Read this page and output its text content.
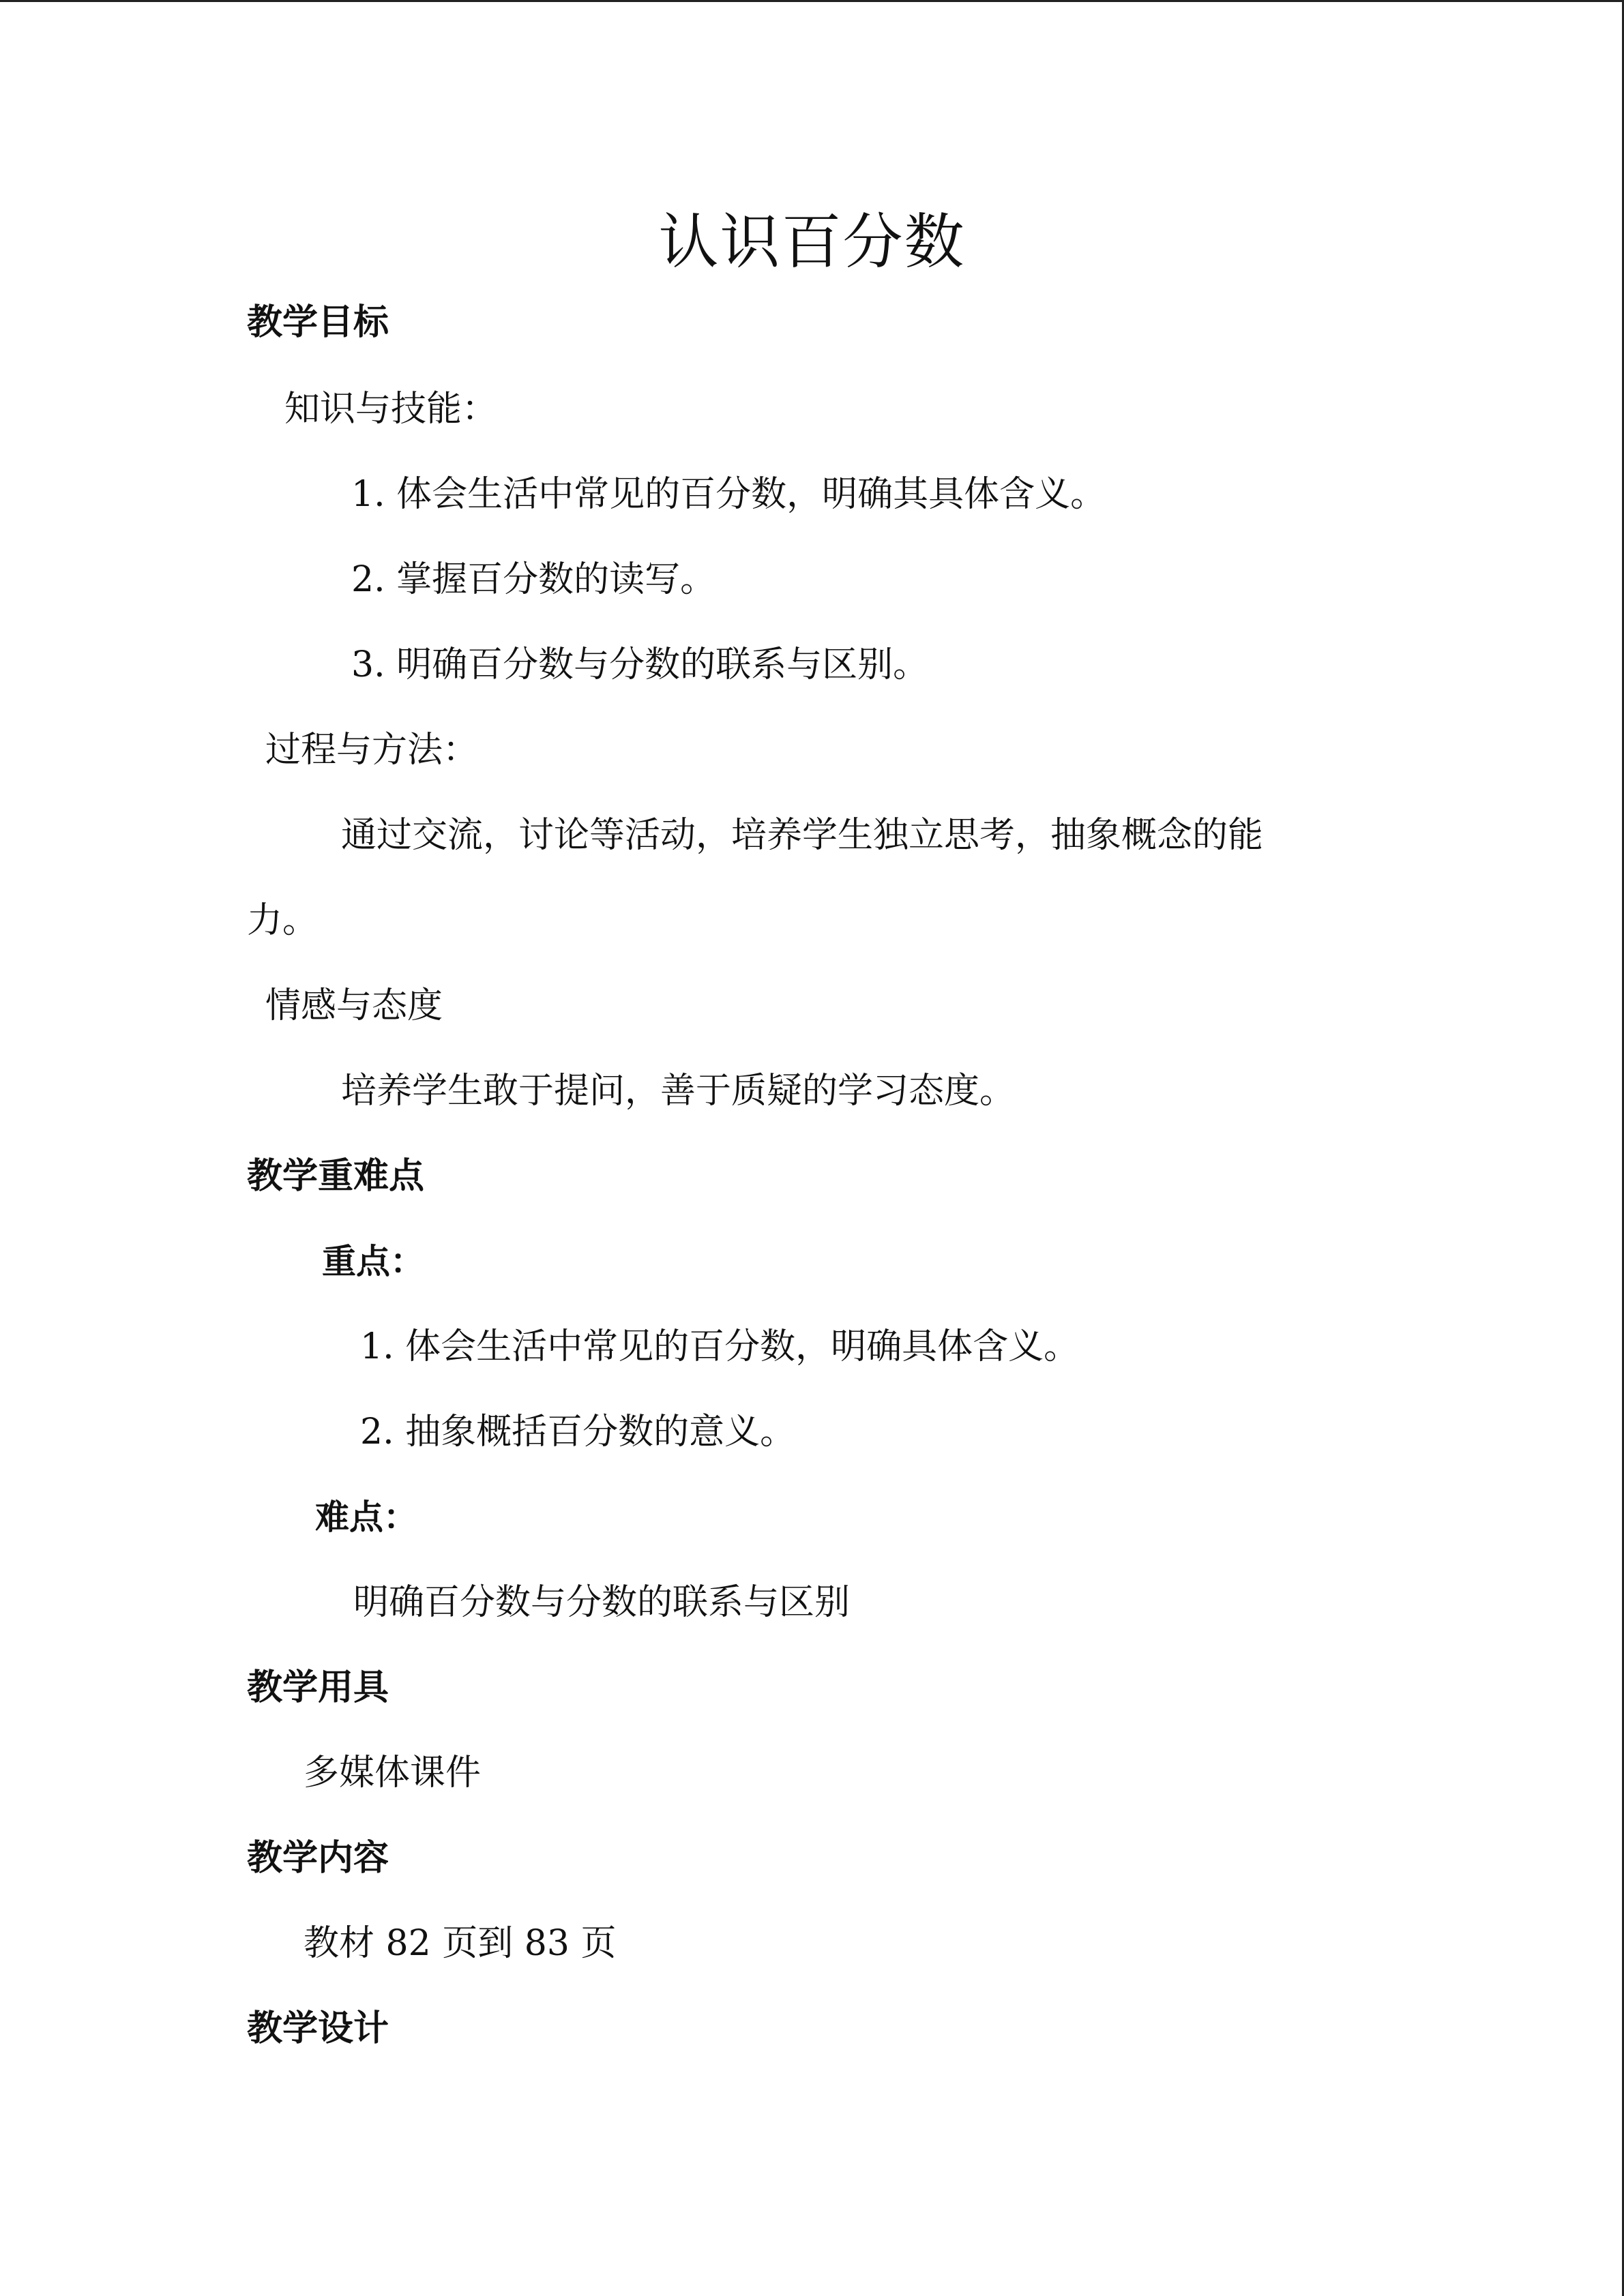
认识百分数
教学目标
知识与技能：
1. 体会生活中常见的百分数，明确其具体含义。
2. 掌握百分数的读写。
3. 明确百分数与分数的联系与区别。
过程与方法：
通过交流，讨论等活动，培养学生独立思考，抽象概念的能
力。
情感与态度
培养学生敢于提问，善于质疑的学习态度。
教学重难点
重点：
1. 体会生活中常见的百分数，明确具体含义。
2. 抽象概括百分数的意义。
难点：
明确百分数与分数的联系与区别
教学用具
多媒体课件
教学内容
教材 82 页到 83 页
教学设计
